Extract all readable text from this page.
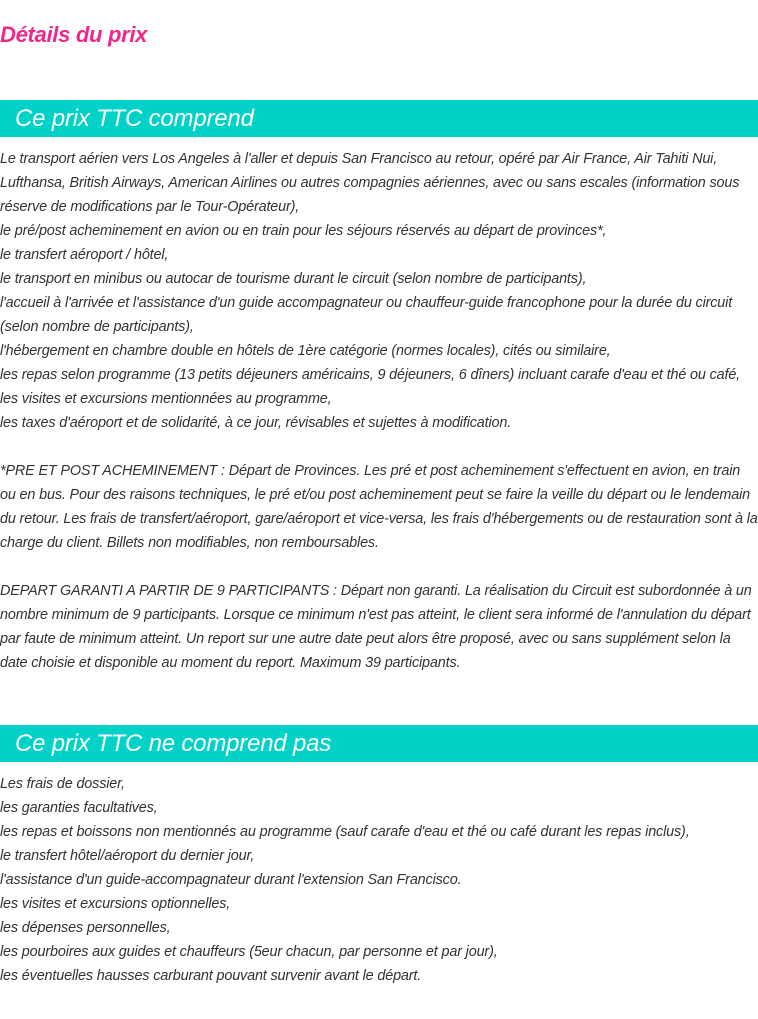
Détails du prix
Ce prix TTC comprend

Le transport aérien vers Los Angeles à l'aller et depuis San Francisco au retour, opéré par Air France, Air Tahiti Nui, Lufthansa, British Airways, American Airlines ou autres compagnies aériennes, avec ou sans escales (information sous réserve de modifications par le Tour-Opérateur),

le pré/post acheminement en avion ou en train pour les séjours réservés au départ de provinces*,

le transfert aéroport / hôtel,

le transport en minibus ou autocar de tourisme durant le circuit (selon nombre de participants),

l'accueil à l'arrivée et l'assistance d'un guide accompagnateur ou chauffeur-guide francophone pour la durée du circuit (selon nombre de participants),

l'hébergement en chambre double en hôtels de 1ère catégorie (normes locales), cités ou similaire,

les repas selon programme (13 petits déjeuners américains, 9 déjeuners, 6 dîners) incluant carafe d'eau et thé ou café,

les visites et excursions mentionnées au programme,

les taxes d'aéroport et de solidarité, à ce jour, révisables et sujettes à modification.

*PRE ET POST ACHEMINEMENT : Départ de Provinces. Les pré et post acheminement s'effectuent en avion, en train ou en bus. Pour des raisons techniques, le pré et/ou post acheminement peut se faire la veille du départ ou le lendemain du retour. Les frais de transfert/aéroport, gare/aéroport et vice-versa, les frais d'hébergements ou de restauration sont à la charge du client. Billets non modifiables, non remboursables.

DEPART GARANTI A PARTIR DE 9 PARTICIPANTS : Départ non garanti. La réalisation du Circuit est subordonnée à un nombre minimum de 9 participants. Lorsque ce minimum n'est pas atteint, le client sera informé de l'annulation du départ par faute de minimum atteint. Un report sur une autre date peut alors être proposé, avec ou sans supplément selon la date choisie et disponible au moment du report. Maximum 39 participants.

Ce prix TTC ne comprend pas

Les frais de dossier,

les garanties facultatives,

les repas et boissons non mentionnés au programme (sauf carafe d'eau et thé ou café durant les repas inclus),

le transfert hôtel/aéroport du dernier jour,

l'assistance d'un guide-accompagnateur durant l'extension San Francisco.

les visites et excursions optionnelles,

les dépenses personnelles,

les pourboires aux guides et chauffeurs (5eur chacun, par personne et par jour),

les éventuelles hausses carburant pouvant survenir avant le départ.
